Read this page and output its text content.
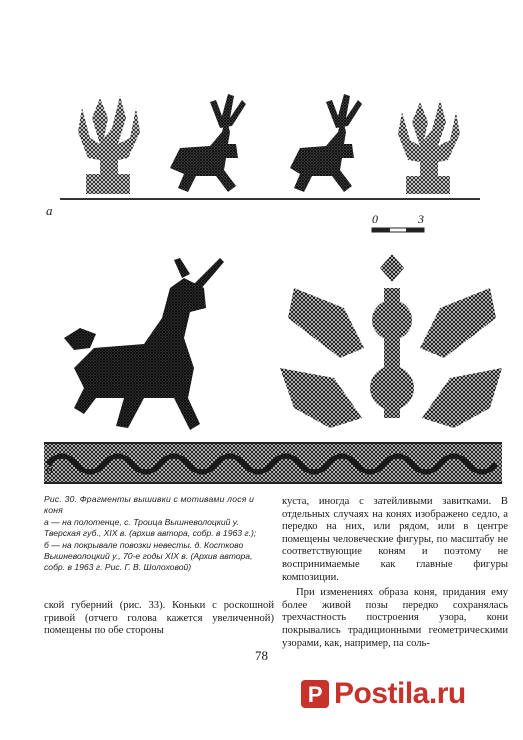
а
0	3
б

Рис. 30. Фрагменты вышивки с мотивами лося и коня

а — на полотенце, с. Троица Вышневолоцкий у. Тверская губ., XIX в. (архив автора, собр. в 1963 г.);

б — на покрывале повозки невесты. д. Костково Вышневолоцкий у., 70-е годы XIX в. (Архив автора, собр. в 1963 г. Рис. Г. В. Шолоховой)

куста, иногда с затейливыми завитками. В отдельных случаях на конях изображено седло, а передко на них, или рядом, или в центре помещены человеческие фигуры, по масштабу не соответствующие коням и поэтому не воспринимаемые как главные фигуры композиции.

При изменениях образа коня, придания ему более живой позы передко сохранялась трехчастность построения узора, кони покрывались традиционными геометрическими узорами, как, например, па соль-

ской губерний (рис. 33). Коньки с роскошной гривой (отчего голова кажется увеличенной) помещены по обе стороны

78
P Postila.ru
